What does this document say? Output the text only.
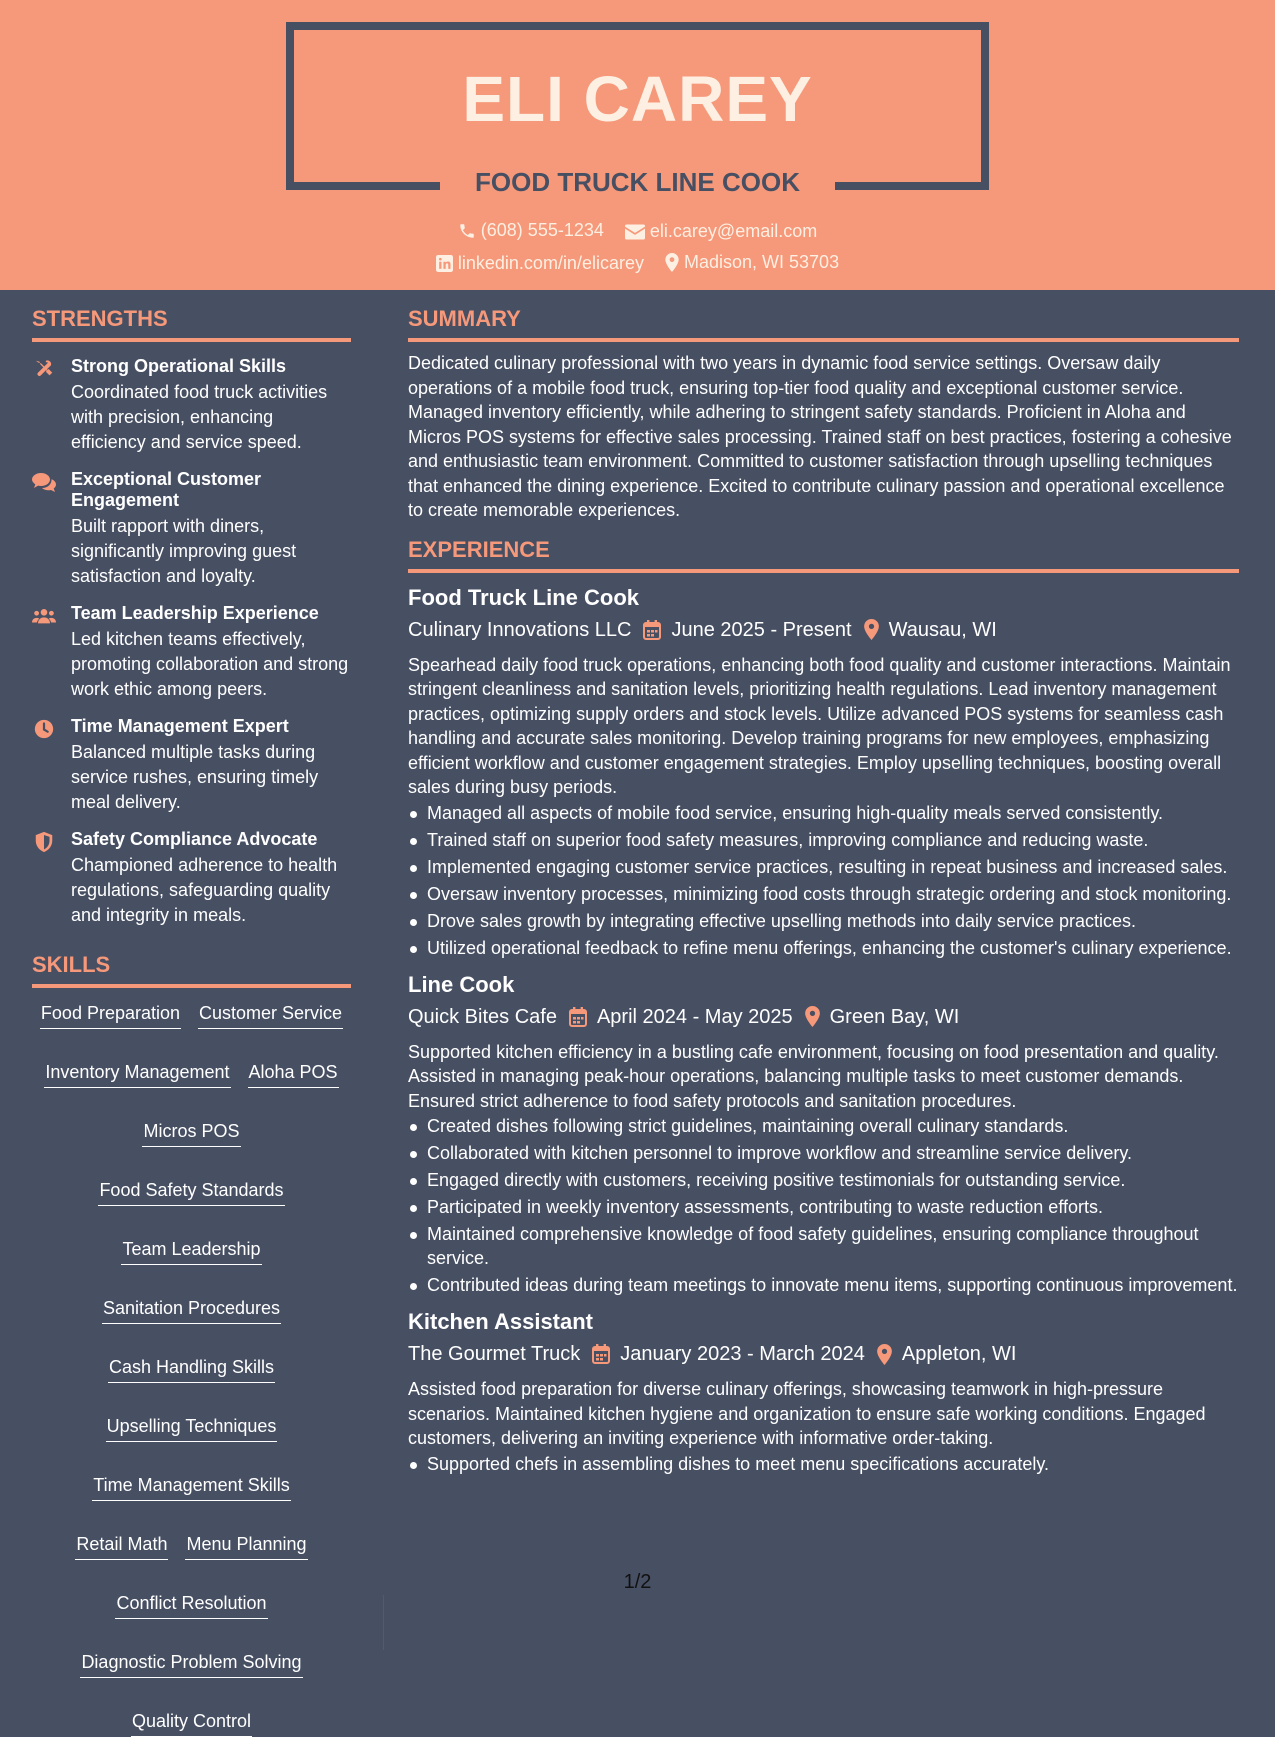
ELI CAREY
FOOD TRUCK LINE COOK
(608) 555-1234
	eli.carey@email.com
linkedin.com/in/elicarey
Madison, WI 53703
STRENGTHS
Strong Operational Skills
Coordinated food truck activities with precision, enhancing efficiency and service speed.
Exceptional Customer Engagement
Built rapport with diners, significantly improving guest satisfaction and loyalty.
Team Leadership Experience
Led kitchen teams effectively, promoting collaboration and strong work ethic among peers.
Time Management Expert
Balanced multiple tasks during service rushes, ensuring timely meal delivery.
Safety Compliance Advocate
Championed adherence to health regulations, safeguarding quality and integrity in meals.
SKILLS
Food Preparation Customer Service
Inventory Management Aloha POS
Micros POS
Food Safety Standards
Team Leadership
Sanitation Procedures
Cash Handling Skills
Upselling Techniques
Time Management Skills
Retail Math Menu Planning
Conflict Resolution
Diagnostic Problem Solving
Quality Control
SUMMARY
Dedicated culinary professional with two years in dynamic food service settings. Oversaw daily operations of a mobile food truck, ensuring top-tier food quality and exceptional customer service. Managed inventory efficiently, while adhering to stringent safety standards. Proficient in Aloha and Micros POS systems for effective sales processing. Trained staff on best practices, fostering a cohesive and enthusiastic team environment. Committed to customer satisfaction through upselling techniques that enhanced the dining experience. Excited to contribute culinary passion and operational excellence to create memorable experiences.
EXPERIENCE
Food Truck Line Cook
Culinary Innovations LLC June 2025 - Present Wausau, WI
Spearhead daily food truck operations, enhancing both food quality and customer interactions. Maintain stringent cleanliness and sanitation levels, prioritizing health regulations. Lead inventory management practices, optimizing supply orders and stock levels. Utilize advanced POS systems for seamless cash handling and accurate sales monitoring. Develop training programs for new employees, emphasizing efficient workflow and customer engagement strategies. Employ upselling techniques, boosting overall sales during busy periods.
Managed all aspects of mobile food service, ensuring high-quality meals served consistently.
Trained staff on superior food safety measures, improving compliance and reducing waste.
Implemented engaging customer service practices, resulting in repeat business and increased sales.
Oversaw inventory processes, minimizing food costs through strategic ordering and stock monitoring.
Drove sales growth by integrating effective upselling methods into daily service practices.
Utilized operational feedback to refine menu offerings, enhancing the customer's culinary experience.
Line Cook
Quick Bites Cafe April 2024 - May 2025 Green Bay, WI
Supported kitchen efficiency in a bustling cafe environment, focusing on food presentation and quality. Assisted in managing peak-hour operations, balancing multiple tasks to meet customer demands. Ensured strict adherence to food safety protocols and sanitation procedures.
Created dishes following strict guidelines, maintaining overall culinary standards.
Collaborated with kitchen personnel to improve workflow and streamline service delivery.
Engaged directly with customers, receiving positive testimonials for outstanding service.
Participated in weekly inventory assessments, contributing to waste reduction efforts.
Maintained comprehensive knowledge of food safety guidelines, ensuring compliance throughout service.
Contributed ideas during team meetings to innovate menu items, supporting continuous improvement.
Kitchen Assistant
The Gourmet Truck January 2023 - March 2024 Appleton, WI
Assisted food preparation for diverse culinary offerings, showcasing teamwork in high-pressure scenarios. Maintained kitchen hygiene and organization to ensure safe working conditions. Engaged customers, delivering an inviting experience with informative order-taking.
Supported chefs in assembling dishes to meet menu specifications accurately.
1/2
